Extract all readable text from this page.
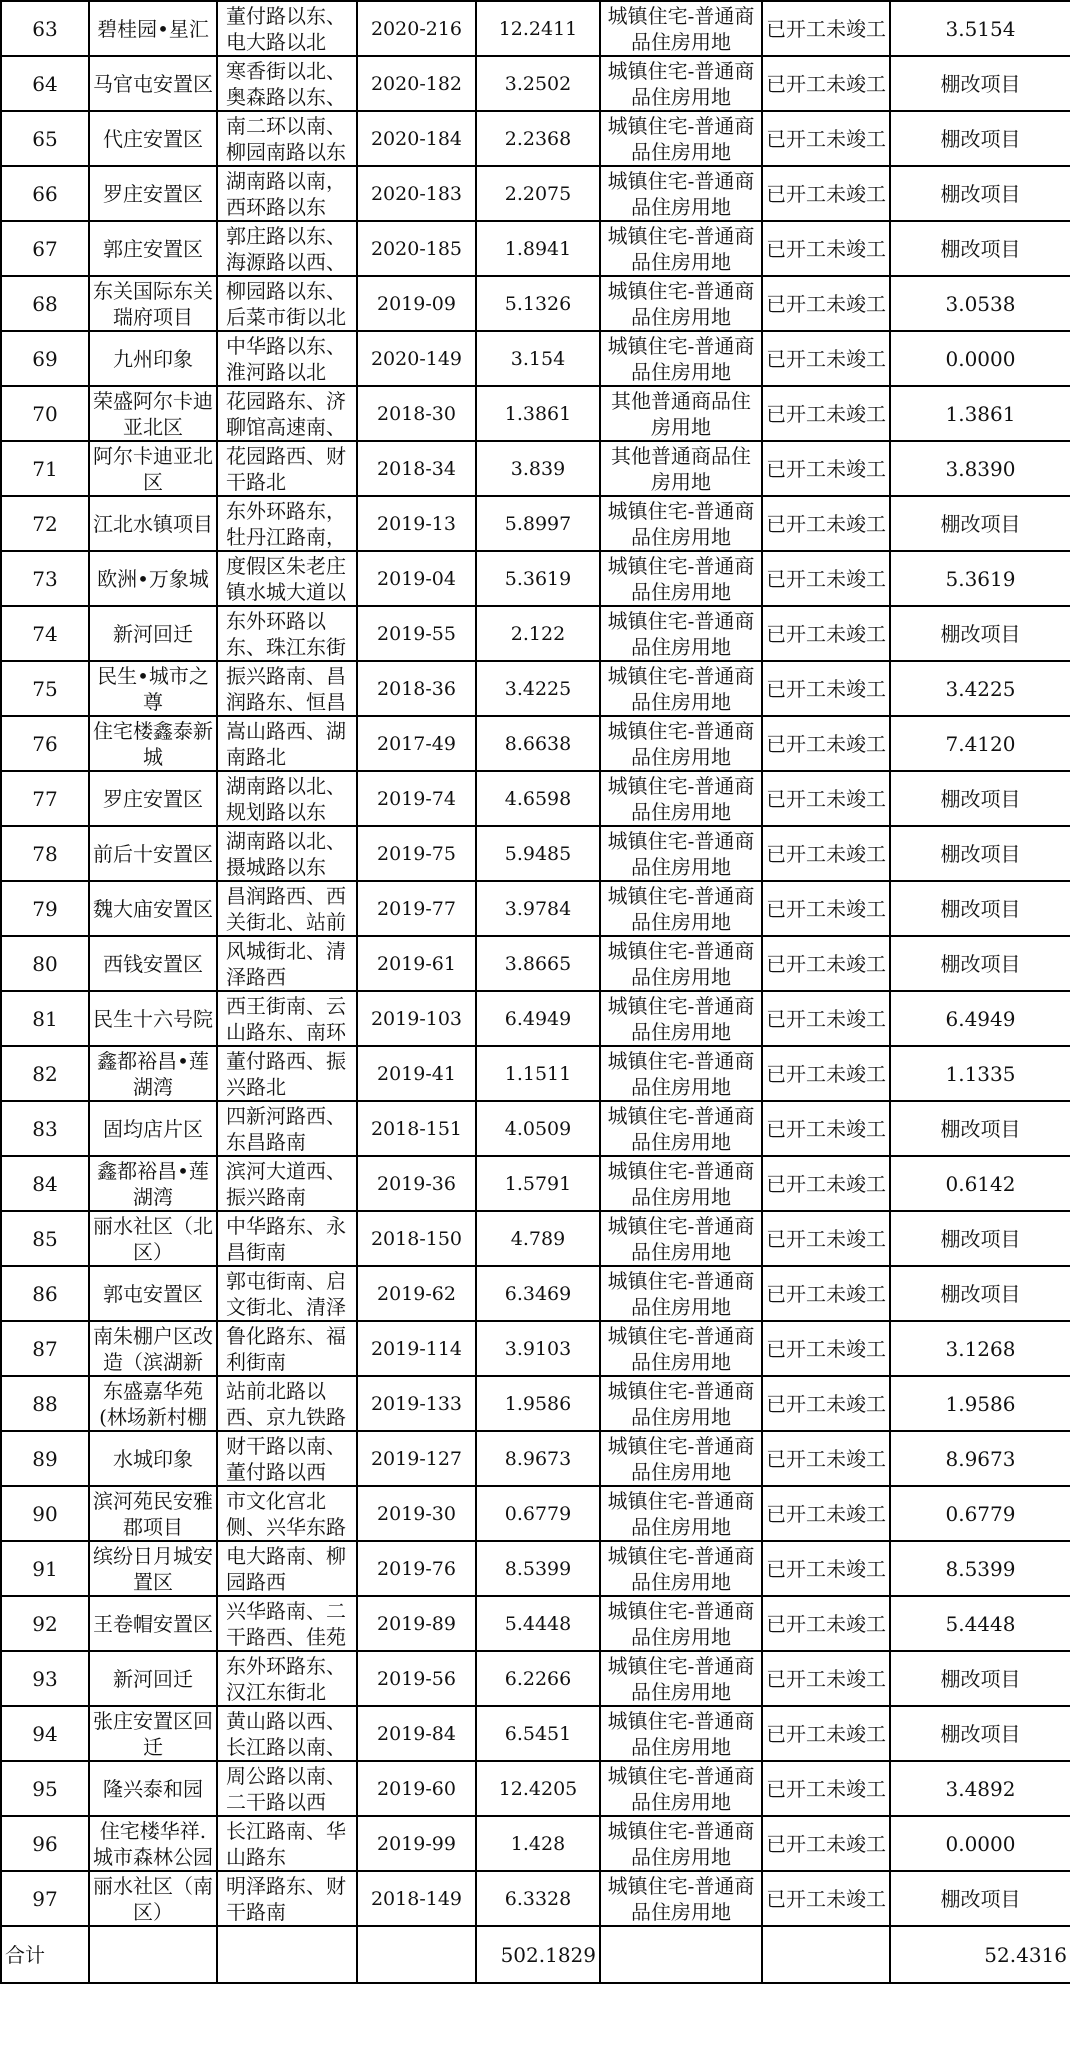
63	碧桂园•星汇	董付路以东、电大路以北	2020-216	12.2411	城镇住宅-普通商品住房用地	已开工未竣工	3.5154

64	马官屯安置区	寒香街以北、奥森路以东、	2020-182	3.2502	城镇住宅-普通商品住房用地	已开工未竣工	棚改项目

65	代庄安置区	南二环以南、柳园南路以东	2020-184	2.2368	城镇住宅-普通商品住房用地	已开工未竣工	棚改项目

66	罗庄安置区	湖南路以南，西环路以东	2020-183	2.2075	城镇住宅-普通商品住房用地	已开工未竣工	棚改项目

67	郭庄安置区	郭庄路以东、海源路以西、	2020-185	1.8941	城镇住宅-普通商品住房用地	已开工未竣工	棚改项目

68	东关国际东关瑞府项目	柳园路以东、后菜市街以北	2019-09	5.1326	城镇住宅-普通商品住房用地	已开工未竣工	3.0538

69	九州印象	中华路以东、淮河路以北	2020-149	3.154	城镇住宅-普通商品住房用地	已开工未竣工	0.0000

70	荣盛阿尔卡迪亚北区	花园路东、济聊馆高速南、	2018-30	1.3861	其他普通商品住房用地	已开工未竣工	1.3861

71	阿尔卡迪亚北区	花园路西、财干路北	2018-34	3.839	其他普通商品住房用地	已开工未竣工	3.8390

72	江北水镇项目	东外环路东，牡丹江路南，	2019-13	5.8997	城镇住宅-普通商品住房用地	已开工未竣工	棚改项目

73	欧洲•万象城	度假区朱老庄镇水城大道以	2019-04	5.3619	城镇住宅-普通商品住房用地	已开工未竣工	5.3619

74	新河回迁	东外环路以东、珠江东街	2019-55	2.122	城镇住宅-普通商品住房用地	已开工未竣工	棚改项目

75	民生•城市之尊	振兴路南、昌润路东、恒昌	2018-36	3.4225	城镇住宅-普通商品住房用地	已开工未竣工	3.4225

76	住宅楼鑫泰新城	嵩山路西、湖南路北	2017-49	8.6638	城镇住宅-普通商品住房用地	已开工未竣工	7.4120

77	罗庄安置区	湖南路以北、规划路以东	2019-74	4.6598	城镇住宅-普通商品住房用地	已开工未竣工	棚改项目

78	前后十安置区	湖南路以北、摄城路以东	2019-75	5.9485	城镇住宅-普通商品住房用地	已开工未竣工	棚改项目

79	魏大庙安置区	昌润路西、西关街北、站前	2019-77	3.9784	城镇住宅-普通商品住房用地	已开工未竣工	棚改项目

80	西钱安置区	风城街北、清泽路西	2019-61	3.8665	城镇住宅-普通商品住房用地	已开工未竣工	棚改项目

81	民生十六号院	西王街南、云山路东、南环	2019-103	6.4949	城镇住宅-普通商品住房用地	已开工未竣工	6.4949

82	鑫都裕昌•莲湖湾	董付路西、振兴路北	2019-41	1.1511	城镇住宅-普通商品住房用地	已开工未竣工	1.1335

83	固均店片区	四新河路西、东昌路南	2018-151	4.0509	城镇住宅-普通商品住房用地	已开工未竣工	棚改项目

84	鑫都裕昌•莲湖湾	滨河大道西、振兴路南	2019-36	1.5791	城镇住宅-普通商品住房用地	已开工未竣工	0.6142

85	丽水社区（北区）	中华路东、永昌街南	2018-150	4.789	城镇住宅-普通商品住房用地	已开工未竣工	棚改项目

86	郭屯安置区	郭屯街南、启文街北、清泽	2019-62	6.3469	城镇住宅-普通商品住房用地	已开工未竣工	棚改项目

87	南朱棚户区改造（滨湖新	鲁化路东、福利街南	2019-114	3.9103	城镇住宅-普通商品住房用地	已开工未竣工	3.1268

88	东盛嘉华苑(林场新村棚	站前北路以西、京九铁路	2019-133	1.9586	城镇住宅-普通商品住房用地	已开工未竣工	1.9586

89	水城印象	财干路以南、董付路以西	2019-127	8.9673	城镇住宅-普通商品住房用地	已开工未竣工	8.9673

90	滨河苑民安雅郡项目	市文化宫北侧、兴华东路	2019-30	0.6779	城镇住宅-普通商品住房用地	已开工未竣工	0.6779

91	缤纷日月城安置区	电大路南、柳园路西	2019-76	8.5399	城镇住宅-普通商品住房用地	已开工未竣工	8.5399

92	王卷帽安置区	兴华路南、二干路西、佳苑	2019-89	5.4448	城镇住宅-普通商品住房用地	已开工未竣工	5.4448

93	新河回迁	东外环路东、汉江东街北	2019-56	6.2266	城镇住宅-普通商品住房用地	已开工未竣工	棚改项目

94	张庄安置区回迁	黄山路以西、长江路以南、	2019-84	6.5451	城镇住宅-普通商品住房用地	已开工未竣工	棚改项目

95	隆兴泰和园	周公路以南、二干路以西	2019-60	12.4205	城镇住宅-普通商品住房用地	已开工未竣工	3.4892

96	住宅楼华祥.城市森林公园	长江路南、华山路东	2019-99	1.428	城镇住宅-普通商品住房用地	已开工未竣工	0.0000

97	丽水社区（南区）	明泽路东、财干路南	2018-149	6.3328	城镇住宅-普通商品住房用地	已开工未竣工	棚改项目

合计				502.1829			52.4316
